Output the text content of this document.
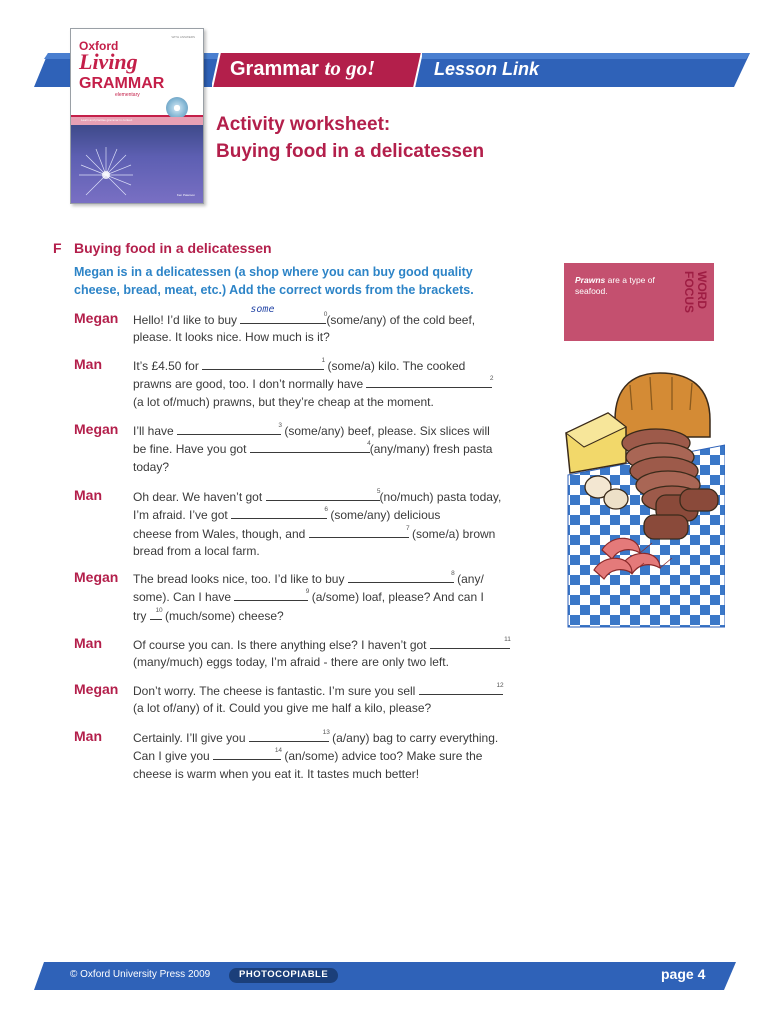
Grammar to go!	Lesson Link
WITH ANSWERS
Oxford
Living
GRAMMAR
elementary
Learn and practise grammar in context
Ken Paterson
Activity worksheet:
Buying food in a delicatessen
F Buying food in a delicatessen
Megan is in a delicatessen (a shop where you can buy good quality
cheese, bread, meat, etc.) Add the correct words from the brackets.
Megan Hello! I’d like to buy
some	0 (some/any) of the cold beef,
please. It looks nice. How much is it?
Man	It’s £4.50 for	1 (some/a) kilo. The cooked
prawns are good, too. I don’t normally have	2
(a lot of/much) prawns, but they’re cheap at the moment.
Megan I’ll have	3 (some/any) beef, please. Six slices will
be fine. Have you got	4 (any/many) fresh pasta
today?
Man	Oh dear. We haven’t got	5 (no/much) pasta today,
I’m afraid. I’ve got	6 (some/any) delicious
cheese from Wales, though, and	7 (some/a) brown
bread from a local farm.
Megan The bread looks nice, too. I’d like to buy	8 (any/
some). Can I have	9 (a/some) loaf, please? And can I
try 10 (much/some) cheese?
Man	Of course you can. Is there anything else? I haven’t got	11
(many/much) eggs today, I’m afraid - there are only two left.
Megan Don’t worry. The cheese is fantastic. I’m sure you sell	12
(a lot of/any) of it. Could you give me half a kilo, please?
Man	Certainly. I’ll give you	13 (a/any) bag to carry everything.
Can I give you	14 (an/some) advice too? Make sure the
cheese is warm when you eat it. It tastes much better!
Prawns are a type of seafood.	WORD FOCUS
© Oxford University Press 2009	PHOTOCOPIABLE	page 4
